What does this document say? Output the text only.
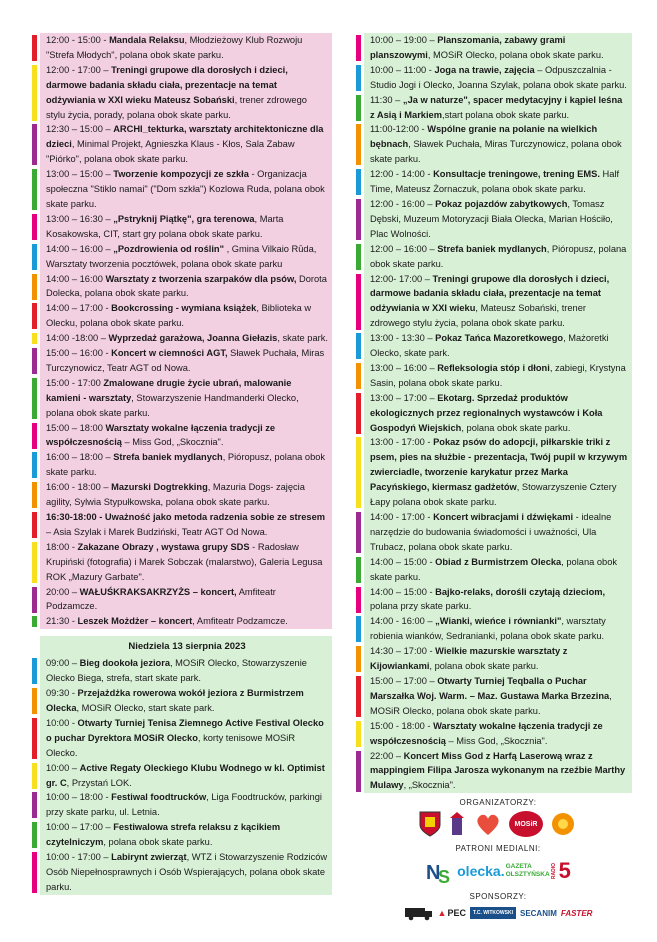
12:00 - 15:00 - Mandala Relaksu, Młodzieżowy Klub Rozwoju "Strefa Młodych", polana obok skate parku.
12:00 - 17:00 – Treningi grupowe dla dorosłych i dzieci, darmowe badania składu ciała, prezentacje na temat odżywiania w XXI wieku Mateusz Sobański, trener zdrowego stylu życia, porady, polana obok skate parku.
12:30 – 15:00 – ARCHI_tekturka, warsztaty architektoniczne dla dzieci, Minimal Projekt, Agnieszka Klaus - Kłos, Sala Zabaw "Piórko", polana obok skate parku.
13:00 – 15:00 – Tworzenie kompozycji ze szkła - Organizacja społeczna "Stiklo namai" ("Dom szkła") Kozlowa Ruda, polana obok skate parku.
13:00 – 16:30 – „Pstryknij Piątkę", gra terenowa, Marta Kosakowska, CIT, start gry polana obok skate parku.
14:00 – 16:00 – „Pozdrowienia od roślin" , Gmina Vilkaio Rūda, Warsztaty tworzenia pocztówek, polana obok skate parku
14:00 – 16:00 Warsztaty z tworzenia szarpaków dla psów, Dorota Dolecka, polana obok skate parku.
14:00 – 17:00 - Bookcrossing - wymiana książek, Biblioteka w Olecku, polana obok skate parku.
14:00 -18:00 – Wyprzedaż garażowa, Joanna Giełazis, skate park.
15:00 – 16:00 - Koncert w ciemności AGT, Sławek Puchała, Miras Turczynowicz, Teatr AGT od Nowa.
15:00 - 17:00 Zmalowane drugie życie ubrań, malowanie kamieni - warsztaty, Stowarzyszenie Handmanderki Olecko, polana obok skate parku.
15:00 – 18:00 Warsztaty wokalne łączenia tradycji ze współczesnością – Miss God, „Skocznia".
16:00 – 18:00 – Strefa baniek mydlanych, Pióropusz, polana obok skate parku.
16:00 - 18:00 – Mazurski Dogtrekking, Mazuria Dogs- zajęcia agility, Sylwia Stypułkowska, polana obok skate parku.
16:30-18:00 - Uważność jako metoda radzenia sobie ze stresem – Asia Szylak i Marek Budziński, Teatr AGT Od Nowa.
18:00 - Zakazane Obrazy , wystawa grupy SDS - Radosław Krupiński (fotografia) i Marek Sobczak (malarstwo), Galeria Legusa ROK „Mazury Garbate".
20:00 – WAŁUŚKRAKSAKRZYŻS – koncert, Amfiteatr Podzamcze.
21:30 - Leszek Możdżer – koncert, Amfiteatr Podzamcze.
Niedziela 13 sierpnia 2023
09:00 – Bieg dookoła jeziora, MOSiR Olecko, Stowarzyszenie Olecko Biega, strefa, start skate park.
09:30 - Przejażdżka rowerowa wokół jeziora z Burmistrzem Olecka, MOSiR Olecko, start skate park.
10:00 - Otwarty Turniej Tenisa Ziemnego Active Festival Olecko o puchar Dyrektora MOSiR Olecko, korty tenisowe MOSiR Olecko.
10:00 – Active Regaty Oleckiego Klubu Wodnego w kl. Optimist gr. C, Przystań LOK.
10:00 – 18:00 - Festiwal foodtrucków, Liga Foodtrucków, parkingi przy skate parku, ul. Letnia.
10:00 – 17:00 – Festiwalowa strefa relaksu z kącikiem czytelniczym, polana obok skate parku.
10:00 - 17:00 – Labirynt zwierząt, WTZ i Stowarzyszenie Rodziców Osób Niepełnosprawnych i Osób Wspierających, polana obok skate parku.
10:00 – 19:00 – Planszomania, zabawy grami planszowymi, MOSiR Olecko, polana obok skate parku.
10:00 – 11:00 - Joga na trawie, zajęcia – Odpuszczalnia - Studio Jogi i Olecko, Joanna Szylak, polana obok skate parku.
11:30 – „Ja w naturze", spacer medytacyjny i kąpiel leśna z Asią i Markiem,start polana obok skate parku.
11:00-12:00 - Wspólne granie na polanie na wielkich bębnach, Sławek Puchała, Miras Turczynowicz, polana obok skate parku.
12:00 - 14:00 - Konsultacje treningowe, trening EMS. Half Time, Mateusz Żornaczuk, polana obok skate parku.
12:00 - 16:00 – Pokaz pojazdów zabytkowych, Tomasz Dębski, Muzeum Motoryzacji Biała Olecka, Marian Hościło, Plac Wolności.
12:00 – 16:00 – Strefa baniek mydlanych, Pióropusz, polana obok skate parku.
12:00- 17:00 – Treningi grupowe dla dorosłych i dzieci, darmowe badania składu ciała, prezentacje na temat odżywiania w XXI wieku, Mateusz Sobański, trener zdrowego stylu życia, polana obok skate parku.
13:00 - 13:30 – Pokaz Tańca Mazoretkowego, Mażoretki Olecko, skate park.
13:00 – 16:00 – Refleksologia stóp i dłoni, zabiegi, Krystyna Sasin, polana obok skate parku.
13:00 – 17:00 – Ekotarg. Sprzedaż produktów ekologicznych przez regionalnych wystawców i Koła Gospodyń Wiejskich, polana obok skate parku.
13:00 - 17:00 - Pokaz psów do adopcji, piłkarskie triki z psem, pies na służbie - prezentacja, Twój pupil w krzywym zwierciadle, tworzenie karykatur przez Marka Pacyńskiego, kiermasz gadżetów, Stowarzyszenie Cztery Łapy polana obok skate parku.
14:00 - 17:00 - Koncert wibracjami i dźwiękami - idealne narzędzie do budowania świadomości i uważności, Ula Trubacz, polana obok skate parku.
14:00 – 15:00 - Obiad z Burmistrzem Olecka, polana obok skate parku.
14:00 – 15:00 - Bajko-relaks, dorośli czytają dzieciom, polana przy skate parku.
14:00 - 16:00 – „Wianki, wieńce i równianki", warsztaty robienia wianków, Sedranianki, polana obok skate parku.
14:30 – 17:00 - Wielkie mazurskie warsztaty z Kijowiankami, polana obok skate parku.
15:00 – 17:00 – Otwarty Turniej Teqballa o Puchar Marszałka Woj. Warm. – Maz. Gustawa Marka Brzezina, MOSiR Olecko, polana obok skate parku.
15:00 - 18:00 - Warsztaty wokalne łączenia tradycji ze współczesnością – Miss God, „Skocznia".
22:00 – Koncert Miss God z Harfą Laserową wraz z mappingiem Filipa Jarosza wykonanym na rzeźbie Marthy Mulawy, „Skocznia".
ORGANIZATORZY:
MOSiR
PATRONI MEDIALNI:
N
S olecka. GAZETA OLSZTYŃSKA RADIO 5
SPONSORZY:
▲ PEC T.C. WITKOWSKI SECANIM FASTER
